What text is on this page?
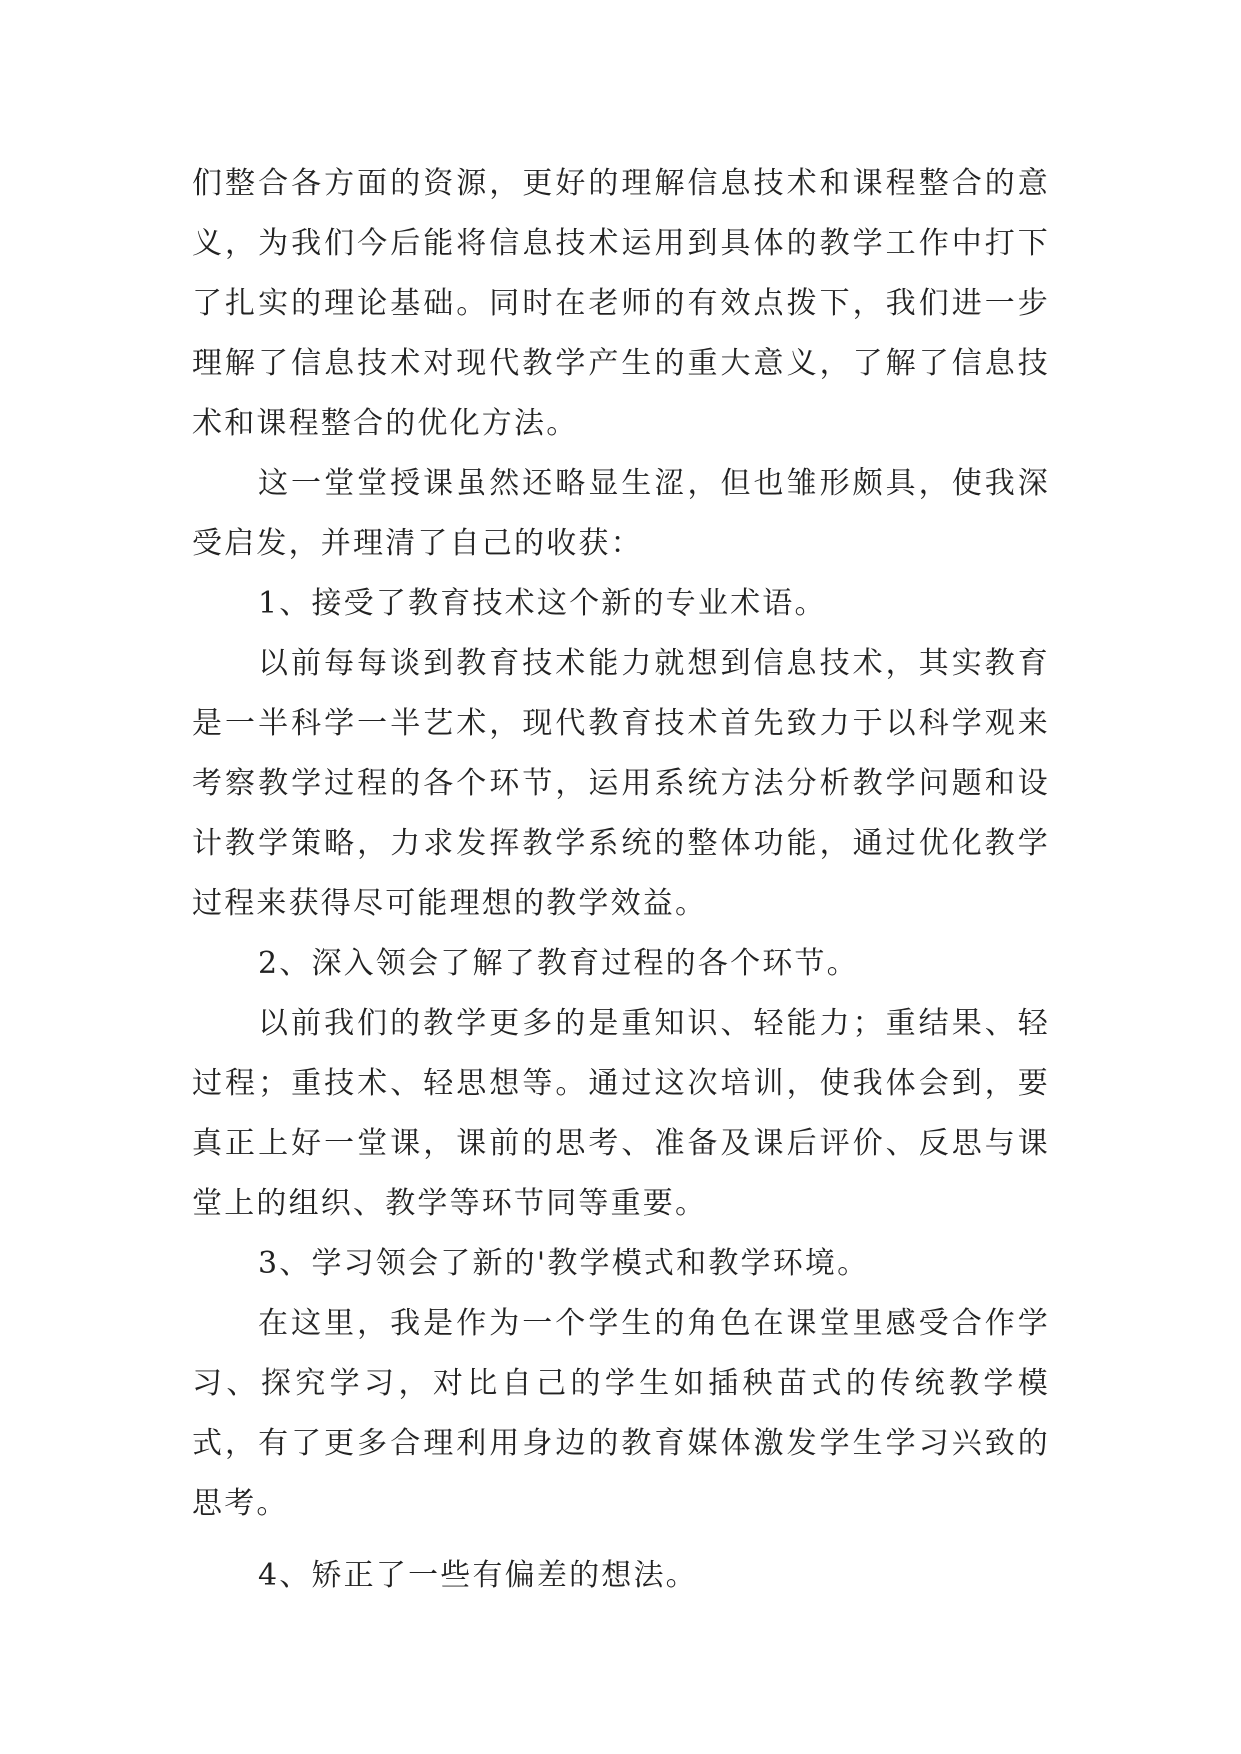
们整合各方面的资源，更好的理解信息技术和课程整合的意义，为我们今后能将信息技术运用到具体的教学工作中打下了扎实的理论基础。同时在老师的有效点拨下，我们进一步理解了信息技术对现代教学产生的重大意义，了解了信息技术和课程整合的优化方法。

这一堂堂授课虽然还略显生涩，但也雏形颇具，使我深受启发，并理清了自己的收获：

1、接受了教育技术这个新的专业术语。

以前每每谈到教育技术能力就想到信息技术，其实教育是一半科学一半艺术，现代教育技术首先致力于以科学观来考察教学过程的各个环节，运用系统方法分析教学问题和设计教学策略，力求发挥教学系统的整体功能，通过优化教学过程来获得尽可能理想的教学效益。

2、深入领会了解了教育过程的各个环节。

以前我们的教学更多的是重知识、轻能力；重结果、轻过程；重技术、轻思想等。通过这次培训，使我体会到，要真正上好一堂课，课前的思考、准备及课后评价、反思与课堂上的组织、教学等环节同等重要。

3、学习领会了新的'教学模式和教学环境。

在这里，我是作为一个学生的角色在课堂里感受合作学习、探究学习，对比自己的学生如插秧苗式的传统教学模式，有了更多合理利用身边的教育媒体激发学生学习兴致的思考。

4、矫正了一些有偏差的想法。
